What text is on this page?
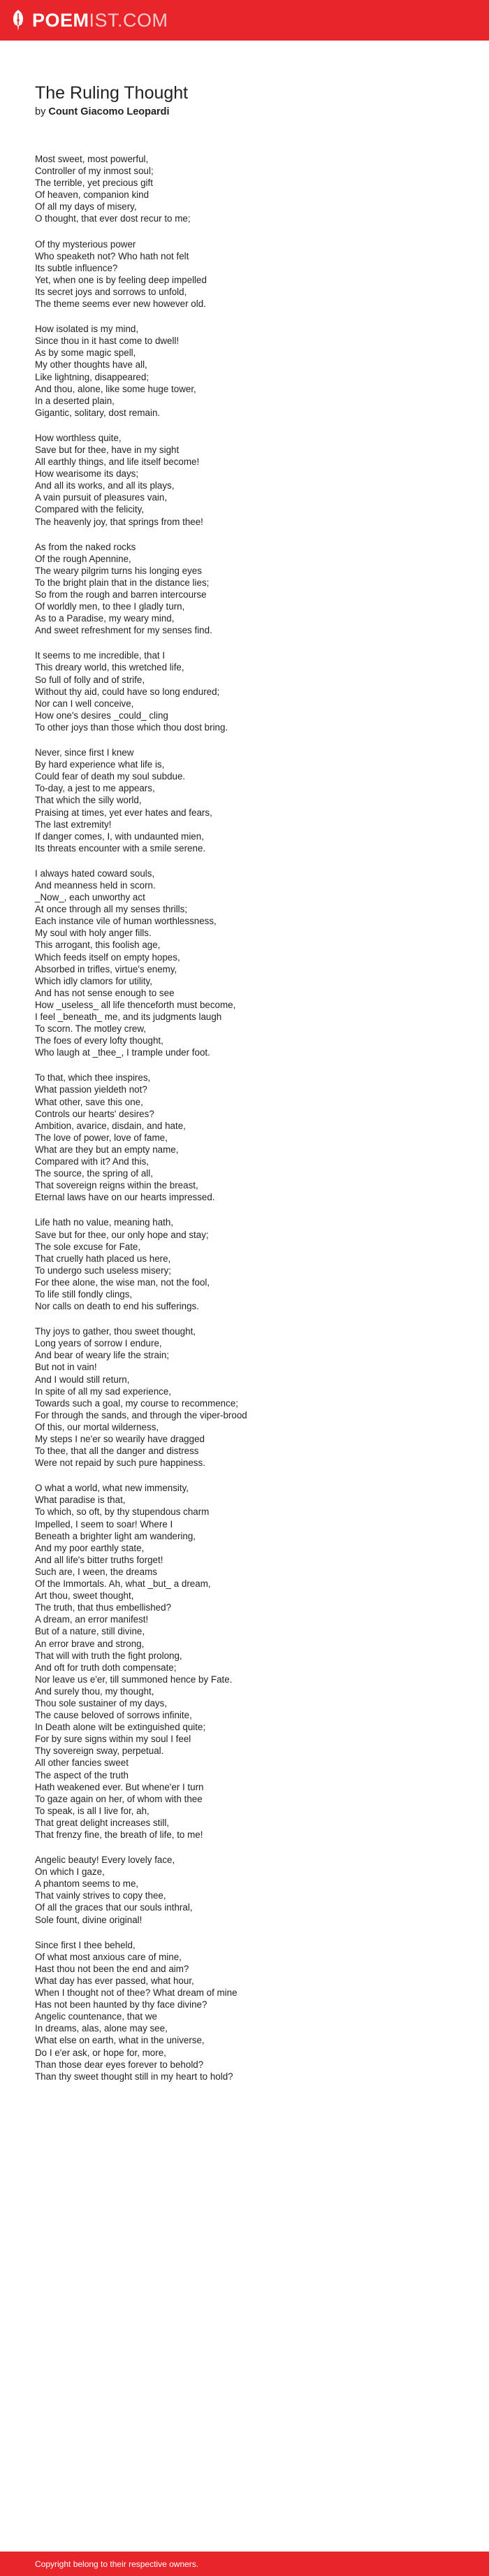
POEMIST.COM
The Ruling Thought
by Count Giacomo Leopardi
Most sweet, most powerful,
Controller of my inmost soul;
The terrible, yet precious gift
Of heaven, companion kind
Of all my days of misery,
O thought, that ever dost recur to me;
Of thy mysterious power
Who speaketh not? Who hath not felt
Its subtle influence?
Yet, when one is by feeling deep impelled
Its secret joys and sorrows to unfold,
The theme seems ever new however old.
How isolated is my mind,
Since thou in it hast come to dwell!
As by some magic spell,
My other thoughts have all,
Like lightning, disappeared;
And thou, alone, like some huge tower,
In a deserted plain,
Gigantic, solitary, dost remain.
How worthless quite,
Save but for thee, have in my sight
All earthly things, and life itself become!
How wearisome its days;
And all its works, and all its plays,
A vain pursuit of pleasures vain,
Compared with the felicity,
The heavenly joy, that springs from thee!
As from the naked rocks
Of the rough Apennine,
The weary pilgrim turns his longing eyes
To the bright plain that in the distance lies;
So from the rough and barren intercourse
Of worldly men, to thee I gladly turn,
As to a Paradise, my weary mind,
And sweet refreshment for my senses find.
It seems to me incredible, that I
This dreary world, this wretched life,
So full of folly and of strife,
Without thy aid, could have so long endured;
Nor can I well conceive,
How one's desires _could_ cling
To other joys than those which thou dost bring.
Never, since first I knew
By hard experience what life is,
Could fear of death my soul subdue.
To-day, a jest to me appears,
That which the silly world,
Praising at times, yet ever hates and fears,
The last extremity!
If danger comes, I, with undaunted mien,
Its threats encounter with a smile serene.
I always hated coward souls,
And meanness held in scorn.
_Now_, each unworthy act
At once through all my senses thrills;
Each instance vile of human worthlessness,
My soul with holy anger fills.
This arrogant, this foolish age,
Which feeds itself on empty hopes,
Absorbed in trifles, virtue's enemy,
Which idly clamors for utility,
And has not sense enough to see
How _useless_ all life thenceforth must become,
I feel _beneath_ me, and its judgments laugh
To scorn. The motley crew,
The foes of every lofty thought,
Who laugh at _thee_, I trample under foot.
To that, which thee inspires,
What passion yieldeth not?
What other, save this one,
Controls our hearts' desires?
Ambition, avarice, disdain, and hate,
The love of power, love of fame,
What are they but an empty name,
Compared with it? And this,
The source, the spring of all,
That sovereign reigns within the breast,
Eternal laws have on our hearts impressed.
Life hath no value, meaning hath,
Save but for thee, our only hope and stay;
The sole excuse for Fate,
That cruelly hath placed us here,
To undergo such useless misery;
For thee alone, the wise man, not the fool,
To life still fondly clings,
Nor calls on death to end his sufferings.
Thy joys to gather, thou sweet thought,
Long years of sorrow I endure,
And bear of weary life the strain;
But not in vain!
And I would still return,
In spite of all my sad experience,
Towards such a goal, my course to recommence;
For through the sands, and through the viper-brood
Of this, our mortal wilderness,
My steps I ne'er so wearily have dragged
To thee, that all the danger and distress
Were not repaid by such pure happiness.
O what a world, what new immensity,
What paradise is that,
To which, so oft, by thy stupendous charm
Impelled, I seem to soar! Where I
Beneath a brighter light am wandering,
And my poor earthly state,
And all life's bitter truths forget!
Such are, I ween, the dreams
Of the Immortals. Ah, what _but_ a dream,
Art thou, sweet thought,
The truth, that thus embellished?
A dream, an error manifest!
But of a nature, still divine,
An error brave and strong,
That will with truth the fight prolong,
And oft for truth doth compensate;
Nor leave us e'er, till summoned hence by Fate.
And surely thou, my thought,
Thou sole sustainer of my days,
The cause beloved of sorrows infinite,
In Death alone wilt be extinguished quite;
For by sure signs within my soul I feel
Thy sovereign sway, perpetual.
All other fancies sweet
The aspect of the truth
Hath weakened ever. But whene'er I turn
To gaze again on her, of whom with thee
To speak, is all I live for, ah,
That great delight increases still,
That frenzy fine, the breath of life, to me!
Angelic beauty! Every lovely face,
On which I gaze,
A phantom seems to me,
That vainly strives to copy thee,
Of all the graces that our souls inthral,
Sole fount, divine original!
Since first I thee beheld,
Of what most anxious care of mine,
Hast thou not been the end and aim?
What day has ever passed, what hour,
When I thought not of thee? What dream of mine
Has not been haunted by thy face divine?
Angelic countenance, that we
In dreams, alas, alone may see,
What else on earth, what in the universe,
Do I e'er ask, or hope for, more,
Than those dear eyes forever to behold?
Than thy sweet thought still in my heart to hold?
Copyright belong to their respective owners.
